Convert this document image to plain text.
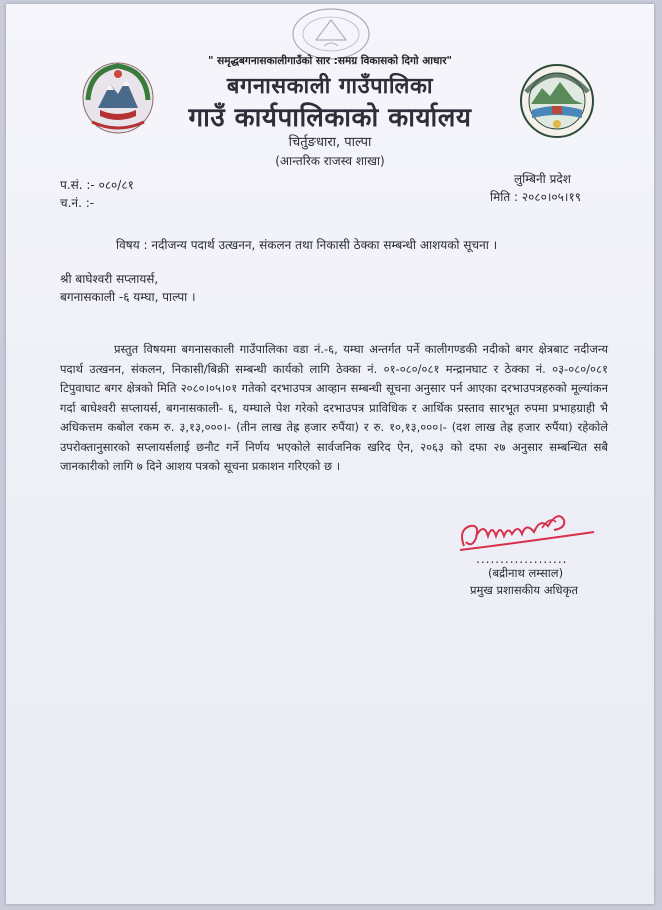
" समृद्धबगनासकालीगाउँको सार :समग्र विकासको दिगो आधार"
बगनासकाली गाउँपालिका
गाउँ कार्यपालिकाको कार्यालय
चिर्तुङधारा, पाल्पा
(आन्तरिक राजस्व शाखा)
प.सं. :- ०८०/८१
च.नं. :-
लुम्बिनी प्रदेश
मिति : २०८०।०५।१९
विषय : नदीजन्य पदार्थ उत्खनन, संकलन तथा निकासी ठेक्का सम्बन्धी आशयको सूचना ।
श्री बाघेश्वरी सप्लायर्स,
बगनासकाली -६ यम्घा, पाल्पा ।
प्रस्तुत विषयमा बगनासकाली गाउँपालिका वडा नं.-६, यम्घा अन्तर्गत पर्ने कालीगण्डकी नदीको बगर क्षेत्रबाट नदीजन्य पदार्थ उत्खनन, संकलन, निकासी/बिक्री सम्बन्धी कार्यको लागि ठेक्का नं. ०१-०८०/०८१ मन्द्रानघाट र ठेक्का नं. ०३-०८०/०८१ टिपुवाघाट बगर क्षेत्रको मिति २०८०।०५।०१ गतेको दरभाउपत्र आव्हान सम्बन्धी सूचना अनुसार पर्न आएका दरभाउपत्रहरुको मूल्यांकन गर्दा बाघेश्वरी सप्लायर्स, बगनासकाली- ६, यम्घाले पेश गरेको दरभाउपत्र प्राविधिक र आर्थिक प्रस्ताव सारभूत रुपमा प्रभाहग्राही भै अधिकत्तम कबोल रकम रु. ३,१३,०००।- (तीन लाख तेह्र हजार रुपैंया) र रु. १०,१३,०००।- (दश लाख तेह्र हजार रुपैंया) रहेकोले उपरोक्तानुसारको सप्लायर्सलाई छनौट गर्ने निर्णय भएकोले सार्वजनिक खरिद ऐन, २०६३ को दफा २७ अनुसार सम्बन्धित सबै जानकारीको लागि ७ दिने आशय पत्रको सूचना प्रकाशन गरिएको छ ।
...................
(बद्रीनाथ लम्साल)
प्रमुख प्रशासकीय अधिकृत
